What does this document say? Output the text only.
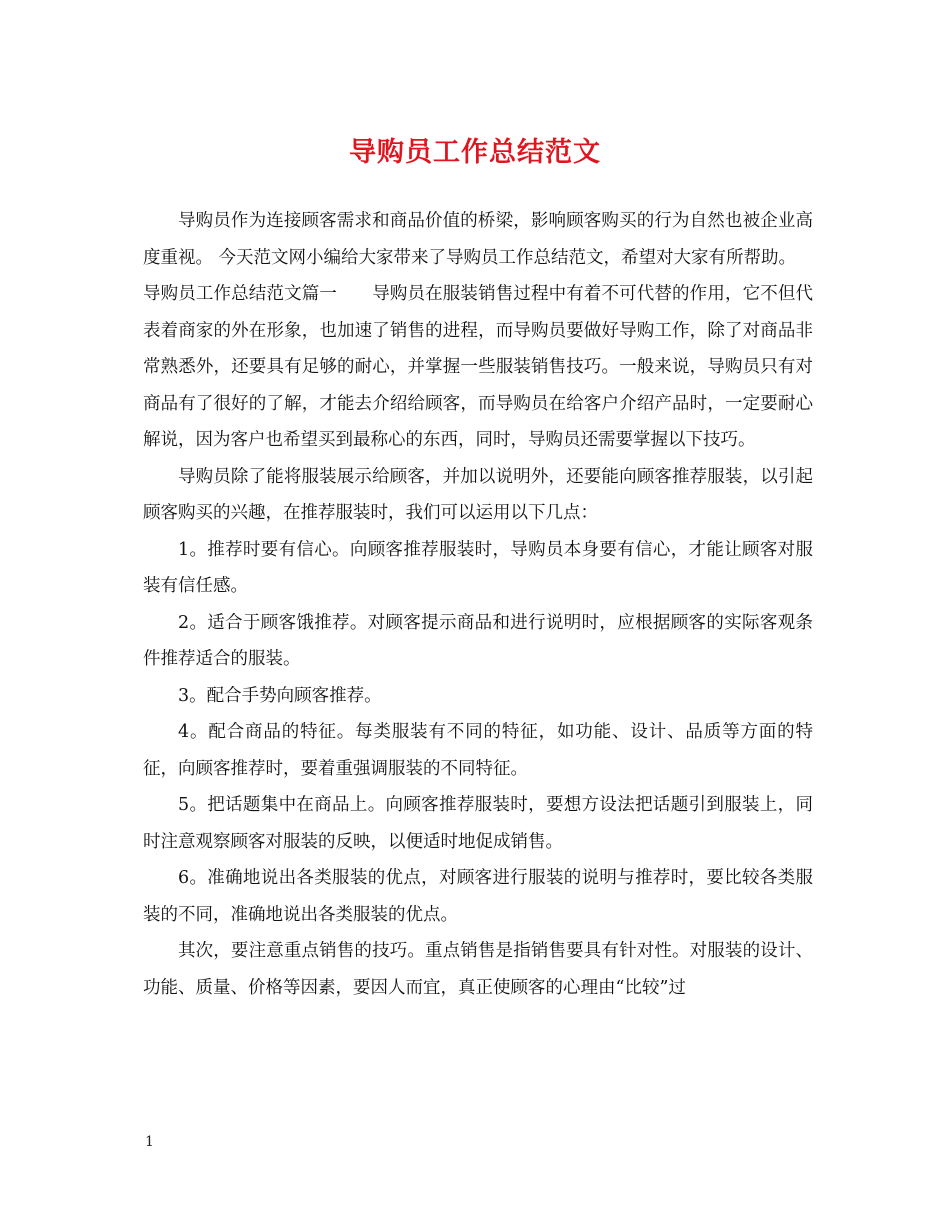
导购员工作总结范文

导购员作为连接顾客需求和商品价值的桥梁，影响顾客购买的行为自然也被企业高度重视。 今天范文网小编给大家带来了导购员工作总结范文，希望对大家有所帮助。

导购员工作总结范文篇一　　导购员在服装销售过程中有着不可代替的作用，它不但代表着商家的外在形象，也加速了销售的进程，而导购员要做好导购工作，除了对商品非常熟悉外，还要具有足够的耐心，并掌握一些服装销售技巧。一般来说，导购员只有对商品有了很好的了解，才能去介绍给顾客，而导购员在给客户介绍产品时，一定要耐心解说，因为客户也希望买到最称心的东西，同时，导购员还需要掌握以下技巧。

导购员除了能将服装展示给顾客，并加以说明外，还要能向顾客推荐服装，以引起顾客购买的兴趣，在推荐服装时，我们可以运用以下几点：

1。推荐时要有信心。向顾客推荐服装时，导购员本身要有信心，才能让顾客对服装有信任感。

2。适合于顾客饿推荐。对顾客提示商品和进行说明时，应根据顾客的实际客观条件推荐适合的服装。

3。配合手势向顾客推荐。

4。配合商品的特征。每类服装有不同的特征，如功能、设计、品质等方面的特征，向顾客推荐时，要着重强调服装的不同特征。

5。把话题集中在商品上。向顾客推荐服装时，要想方设法把话题引到服装上，同时注意观察顾客对服装的反映，以便适时地促成销售。

6。准确地说出各类服装的优点，对顾客进行服装的说明与推荐时，要比较各类服装的不同，准确地说出各类服装的优点。

其次，要注意重点销售的技巧。重点销售是指销售要具有针对性。对服装的设计、功能、质量、价格等因素，要因人而宜，真正使顾客的心理由“比较”过

1
